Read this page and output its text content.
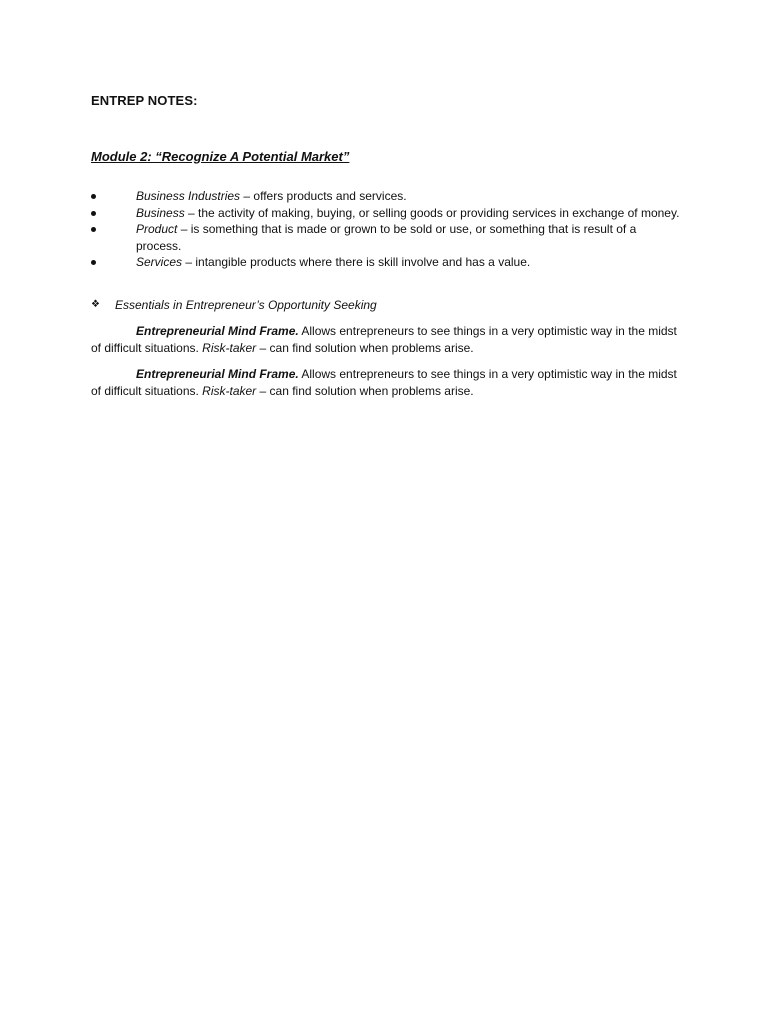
ENTREP NOTES:
Module 2: “Recognize A Potential Market”
Business Industries – offers products and services.
Business – the activity of making, buying, or selling goods or providing services in exchange of money.
Product – is something that is made or grown to be sold or use, or something that is result of a process.
Services – intangible products where there is skill involve and has a value.
❖ Essentials in Entrepreneur’s Opportunity Seeking

Entrepreneurial Mind Frame. Allows entrepreneurs to see things in a very optimistic way in the midst of difficult situations. Risk-taker – can find solution when problems arise.

Entrepreneurial Mind Frame. Allows entrepreneurs to see things in a very optimistic way in the midst of difficult situations. Risk-taker – can find solution when problems arise.
